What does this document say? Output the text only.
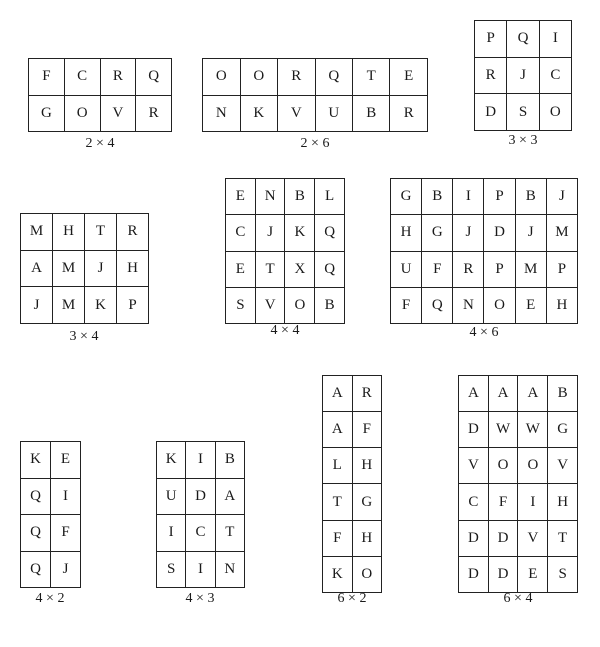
F	C	R	Q
G	O	V	R
2 × 4
O	O	R	Q	T	E
N	K	V	U	B	R
2 × 6
P	Q	I
R	J	C
D	S	O
3 × 3
M	H	T	R
A	M	J	H
J	M	K	P
3 × 4
E	N	B	L
C	J	K	Q
E	T	X	Q
S	V	O	B
4 × 4
G	B	I	P	B	J
H	G	J	D	J	M
U	F	R	P	M	P
F	Q	N	O	E	H
4 × 6
K	E
Q	I
Q	F
Q	J
4 × 2
K	I	B
U	D	A
I	C	T
S	I	N
4 × 3
A	R
A	F
L	H
T	G
F	H
K	O
6 × 2
A	A	A	B
D	W	W	G
V	O	O	V
C	F	I	H
D	D	V	T
D	D	E	S
6 × 4
